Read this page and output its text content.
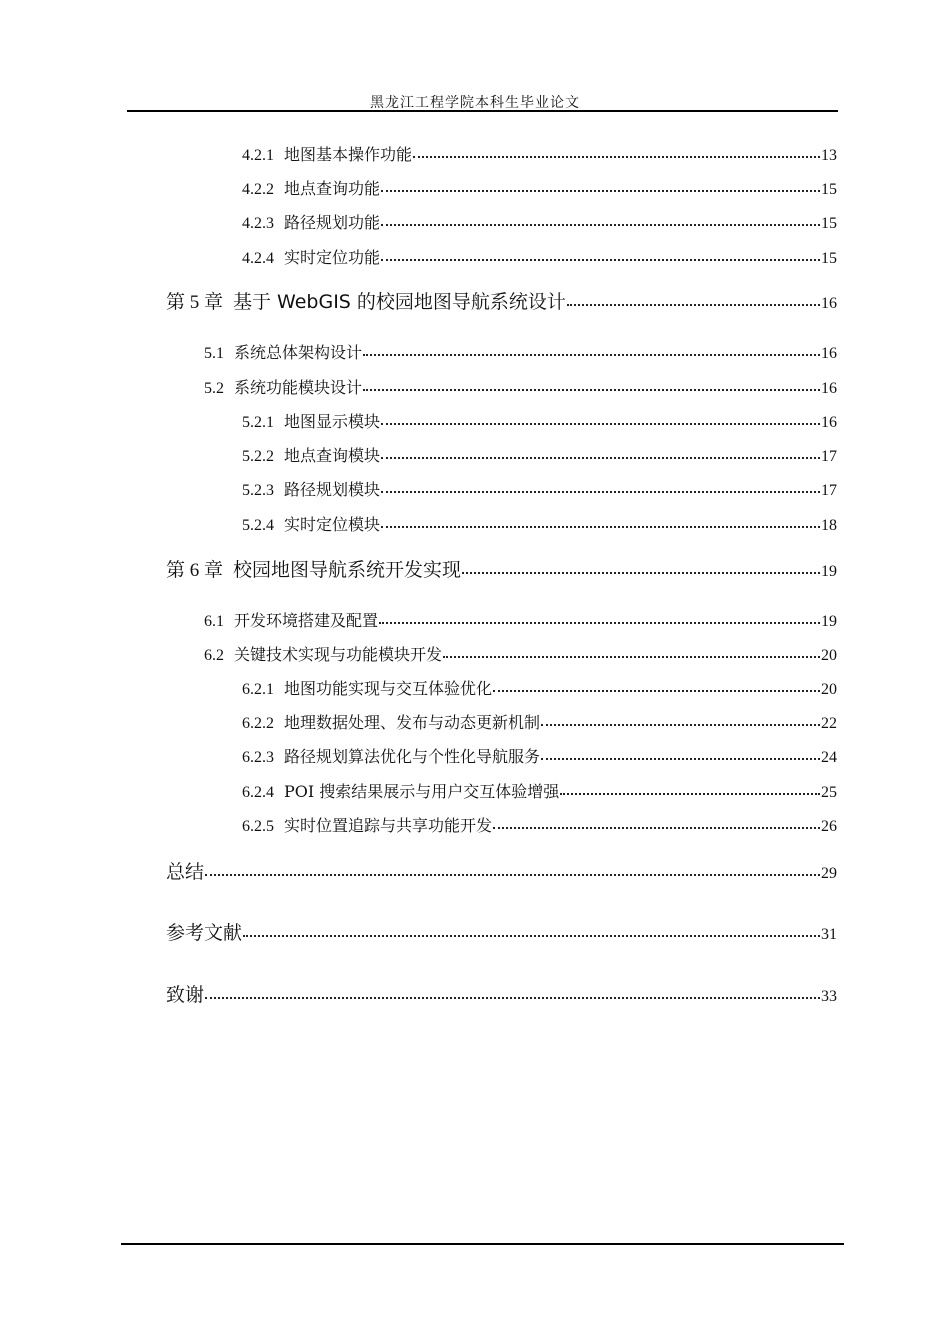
黑龙江工程学院本科生毕业论文
4.2.1 地图基本操作功能	13
4.2.2 地点查询功能	15
4.2.3 路径规划功能	15
4.2.4 实时定位功能	15
第 5 章 基于 WebGIS 的校园地图导航系统设计	16
5.1 系统总体架构设计	16
5.2 系统功能模块设计	16
5.2.1 地图显示模块	16
5.2.2 地点查询模块	17
5.2.3 路径规划模块	17
5.2.4 实时定位模块	18
第 6 章 校园地图导航系统开发实现	19
6.1 开发环境搭建及配置	19
6.2 关键技术实现与功能模块开发	20
6.2.1 地图功能实现与交互体验优化	20
6.2.2 地理数据处理、发布与动态更新机制	22
6.2.3 路径规划算法优化与个性化导航服务	24
6.2.4 POI 搜索结果展示与用户交互体验增强	25
6.2.5 实时位置追踪与共享功能开发	26
总结	29
参考文献	31
致谢	33
